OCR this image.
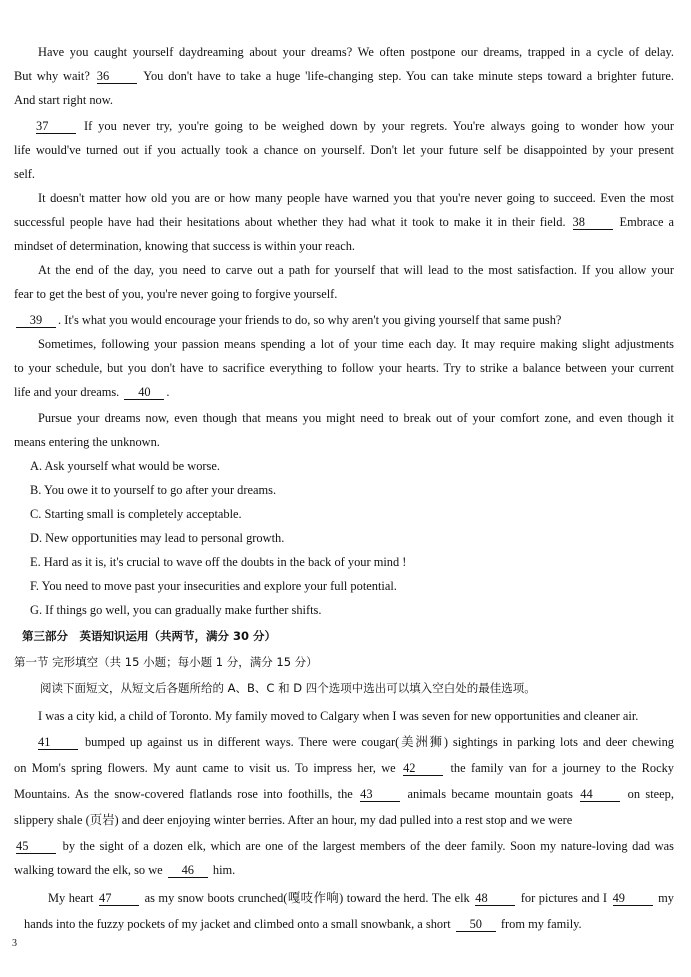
Have you caught yourself daydreaming about your dreams? We often postpone our dreams, trapped in a cycle of delay.
But why wait? 36	You don't have to take a huge 'life-changing step. You can take minute steps toward a brighter future.
And start right now.
37	If you never try, you're going to be weighed down by your regrets. You're always going to wonder how your
life would've turned out if you actually took a chance on yourself. Don't let your future self be disappointed by your present
self.
It doesn't matter how old you are or how many people have warned you that you're never going to succeed. Even the most
successful people have had their hesitations about whether they had what it took to make it in their field. 38	Embrace a
mindset of determination, knowing that success is within your reach.
At the end of the day, you need to carve out a path for yourself that will lead to the most satisfaction. If you allow your
fear to get the best of you, you're never going to forgive yourself.
39 . It's what you would encourage your friends to do, so why aren't you giving yourself that same push?
Sometimes, following your passion means spending a lot of your time each day. It may require making slight adjustments
to your schedule, but you don't have to sacrifice everything to follow your hearts. Try to strike a balance between your current
life and your dreams. 40 .
Pursue your dreams now, even though that means you might need to break out of your comfort zone, and even though it
means entering the unknown.
A. Ask yourself what would be worse.
B. You owe it to yourself to go after your dreams.
C. Starting small is completely acceptable.
D. New opportunities may lead to personal growth.
E. Hard as it is, it's crucial to wave off the doubts in the back of your mind !
F. You need to move past your insecurities and explore your full potential.
G. If things go well, you can gradually make further shifts.
第三部分　英语知识运用（共两节，满分 30 分）
第一节 完形填空（共 15 小题；每小题 1 分，满分 15 分）
阅读下面短文，从短文后各题所给的 A、B、C 和 D 四个选项中选出可以填入空白处的最佳选项。
I was a city kid, a child of Toronto. My family moved to Calgary when I was seven for new opportunities and cleaner air.
41	bumped up against us in different ways. There were cougar(美洲狮) sightings in parking lots and deer chewing
on Mom's spring flowers. My aunt came to visit us. To impress her, we 42	the family van for a journey to the Rocky
Mountains. As the snow-covered flatlands rose into foothills, the 43	animals became mountain goats 44	on steep,
slippery shale (页岩) and deer enjoying winter berries. After an hour, my dad pulled into a rest stop and we were
45	by the sight of a dozen elk, which are one of the largest members of the deer family. Soon my nature-loving dad was
walking toward the elk, so we 46 him.
My heart 47	as my snow boots crunched(嘎吱作响) toward the herd. The elk 48	for pictures and I 49	my
hands into the fuzzy pockets of my jacket and climbed onto a small snowbank, a short 50 from my family.
3
